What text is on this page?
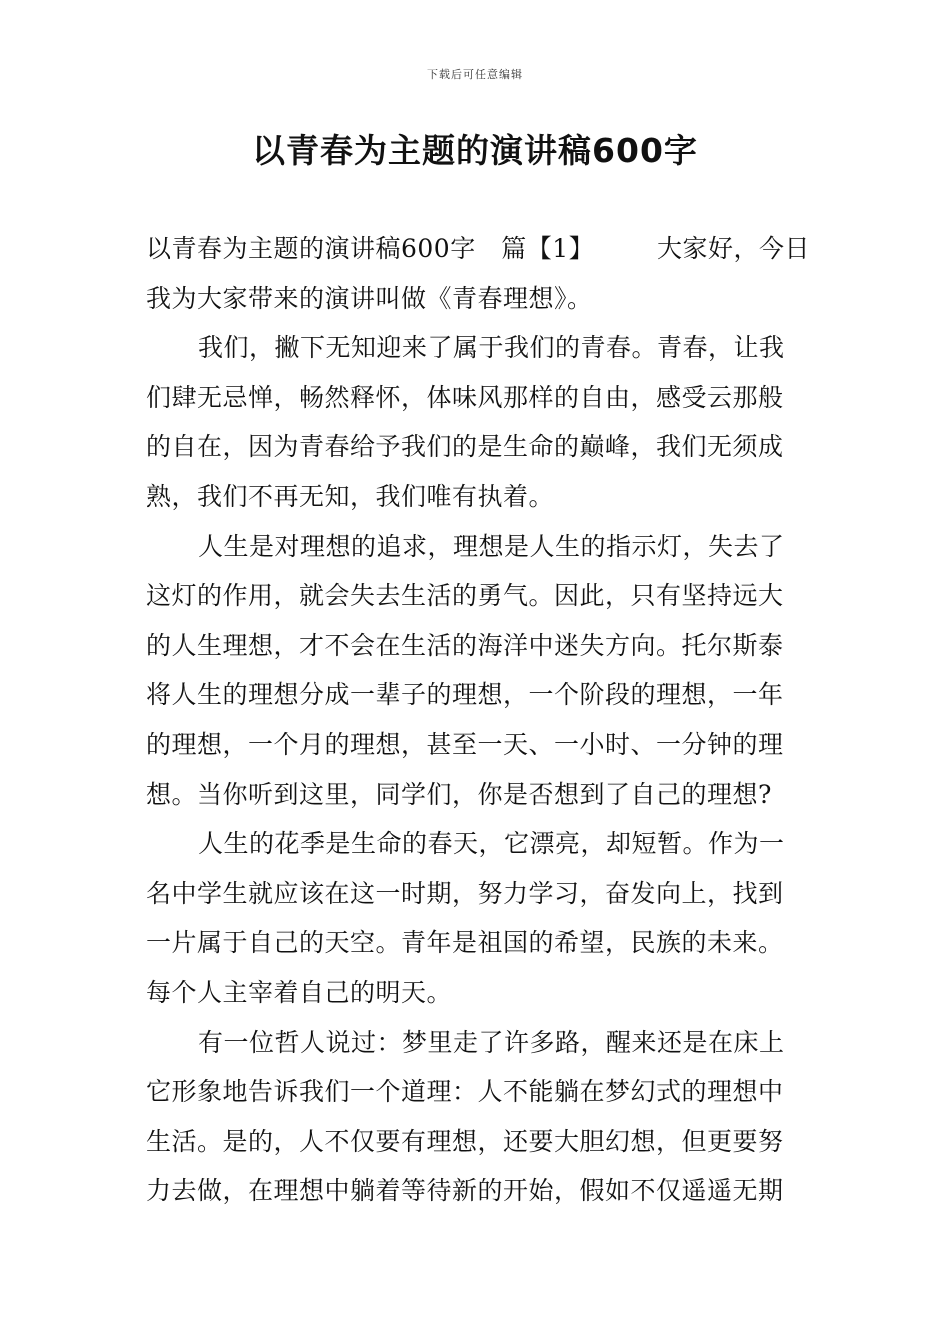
下载后可任意编辑
以青春为主题的演讲稿600字
以青春为主题的演讲稿600字　篇【1】	大家好，今日
我为大家带来的演讲叫做《青春理想》。
我们，撇下无知迎来了属于我们的青春。青春，让我
们肆无忌惮，畅然释怀，体味风那样的自由，感受云那般
的自在，因为青春给予我们的是生命的巅峰，我们无须成
熟，我们不再无知，我们唯有执着。
人生是对理想的追求，理想是人生的指示灯，失去了
这灯的作用，就会失去生活的勇气。因此，只有坚持远大
的人生理想，才不会在生活的海洋中迷失方向。托尔斯泰
将人生的理想分成一辈子的理想，一个阶段的理想，一年
的理想，一个月的理想，甚至一天、一小时、一分钟的理
想。当你听到这里，同学们，你是否想到了自己的理想?
人生的花季是生命的春天，它漂亮，却短暂。作为一
名中学生就应该在这一时期，努力学习，奋发向上，找到
一片属于自己的天空。青年是祖国的希望，民族的未来。
每个人主宰着自己的明天。
有一位哲人说过：梦里走了许多路，醒来还是在床上
它形象地告诉我们一个道理：人不能躺在梦幻式的理想中
生活。是的，人不仅要有理想，还要大胆幻想，但更要努
力去做，在理想中躺着等待新的开始，假如不仅遥遥无期
